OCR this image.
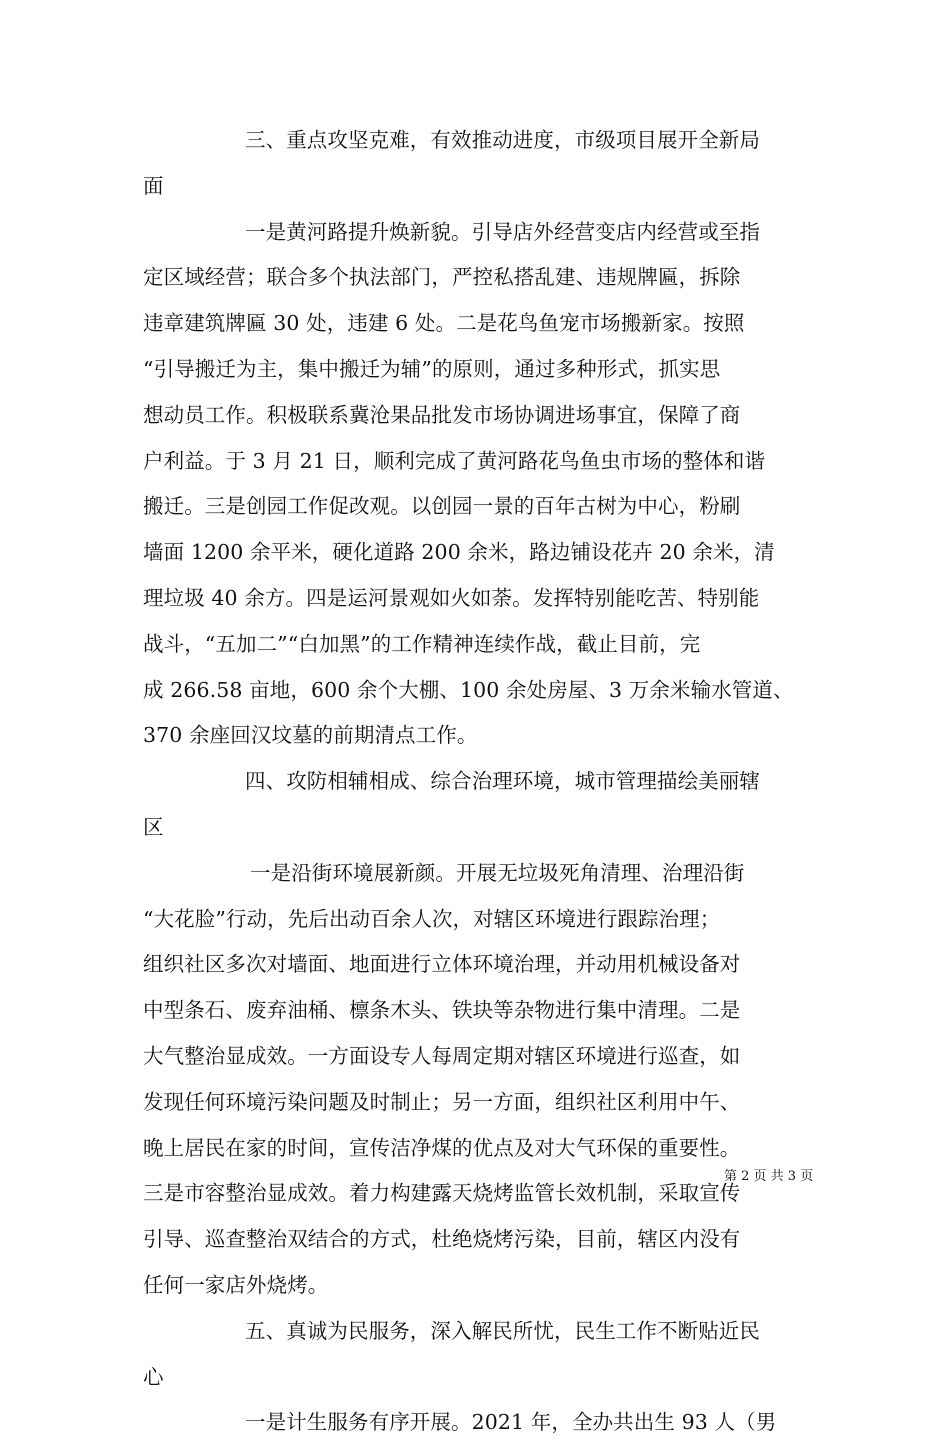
三、重点攻坚克难，有效推动进度，市级项目展开全新局
面
一是黄河路提升焕新貌。引导店外经营变店内经营或至指
定区域经营；联合多个执法部门，严控私搭乱建、违规牌匾，拆除
违章建筑牌匾 30 处，违建 6 处。二是花鸟鱼宠市场搬新家。按照
“引导搬迁为主，集中搬迁为辅”的原则，通过多种形式，抓实思
想动员工作。积极联系冀沧果品批发市场协调进场事宜，保障了商
户利益。于 3 月 21 日，顺利完成了黄河路花鸟鱼虫市场的整体和谐
搬迁。三是创园工作促改观。以创园一景的百年古树为中心，粉刷
墙面 1200 余平米，硬化道路 200 余米，路边铺设花卉 20 余米，清
理垃圾 40 余方。四是运河景观如火如荼。发挥特别能吃苦、特别能
战斗，“五加二”“白加黑”的工作精神连续作战，截止目前，完
成 266.58 亩地，600 余个大棚、100 余处房屋、3 万余米输水管道、
370 余座回汉坟墓的前期清点工作。
四、攻防相辅相成、综合治理环境，城市管理描绘美丽辖
区
一是沿街环境展新颜。开展无垃圾死角清理、治理沿街
“大花脸”行动，先后出动百余人次，对辖区环境进行跟踪治理；
组织社区多次对墙面、地面进行立体环境治理，并动用机械设备对
中型条石、废弃油桶、檩条木头、铁块等杂物进行集中清理。二是
大气整治显成效。一方面设专人每周定期对辖区环境进行巡查，如
发现任何环境污染问题及时制止；另一方面，组织社区利用中午、
晚上居民在家的时间，宣传洁净煤的优点及对大气环保的重要性。
三是市容整治显成效。着力构建露天烧烤监管长效机制，采取宣传
引导、巡查整治双结合的方式，杜绝烧烤污染，目前，辖区内没有
任何一家店外烧烤。
五、真诚为民服务，深入解民所忧，民生工作不断贴近民
心
一是计生服务有序开展。2021 年，全办共出生 93 人（男
第 2 页 共 3 页
